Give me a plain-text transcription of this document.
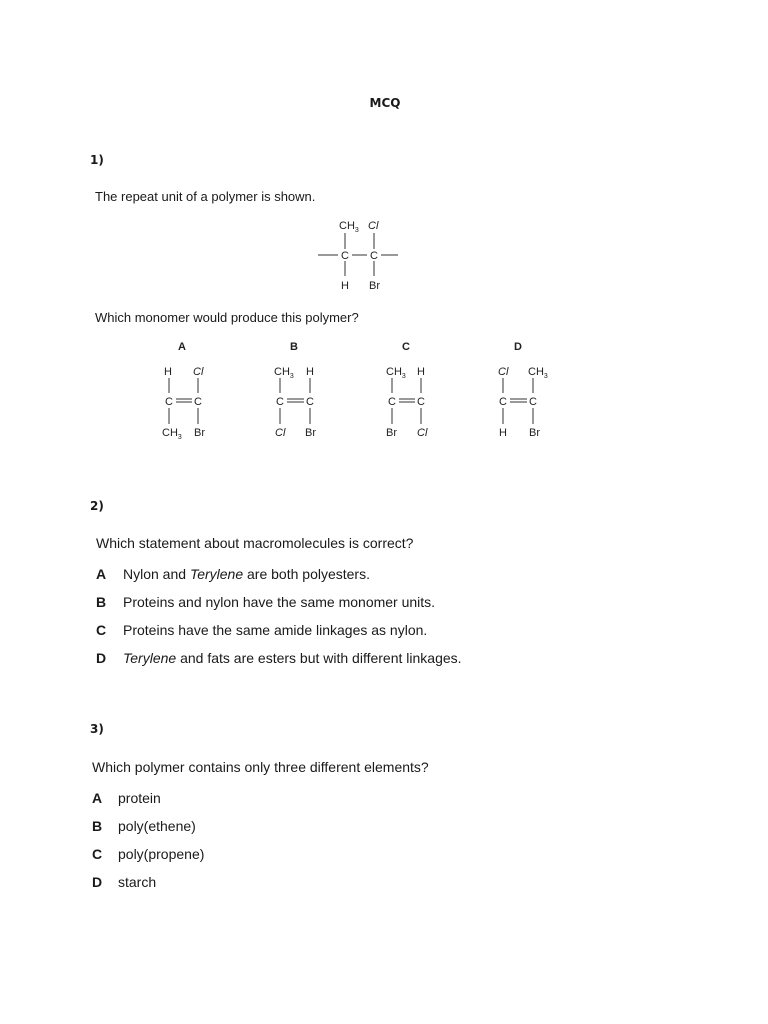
MCQ
1)
The repeat unit of a polymer is shown.
$CH_3$ Cl
C C
H Br
A	B	C	D
H Cl
C C
$CH_3$ Br
$CH_3$ H
C C
Cl Br
$CH_3$ H
C C
Br Cl
Cl $CH_3$
C C
H Br
Which monomer would produce this polymer?
2)
Which statement about macromolecules is correct?
A Nylon and Terylene are both polyesters.
B Proteins and nylon have the same monomer units.
C Proteins have the same amide linkages as nylon.
D Terylene and fats are esters but with different linkages.
3)
Which polymer contains only three different elements?
A protein
B poly(ethene)
C poly(propene)
D starch
